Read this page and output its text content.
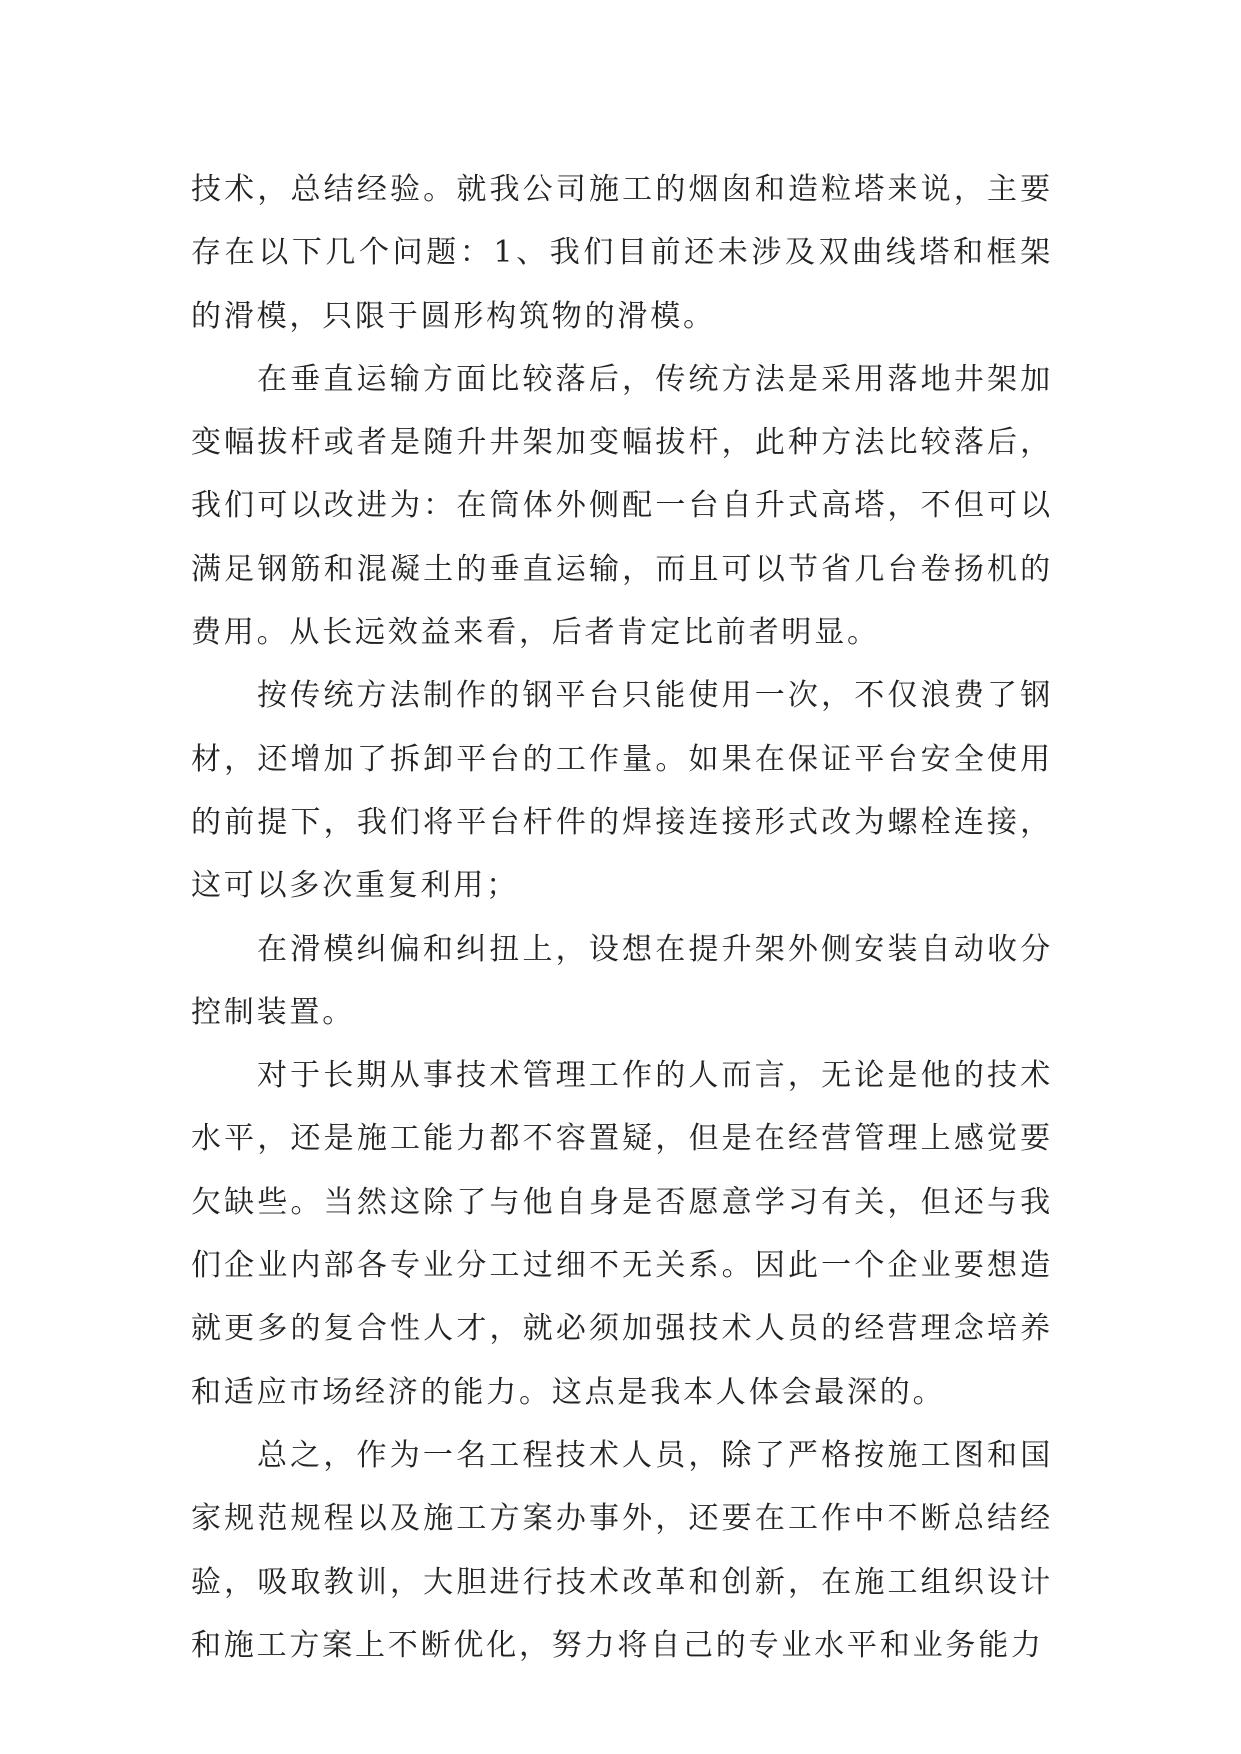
技术，总结经验。就我公司施工的烟囱和造粒塔来说，主要存在以下几个问题：1、我们目前还未涉及双曲线塔和框架的滑模，只限于圆形构筑物的滑模。

在垂直运输方面比较落后，传统方法是采用落地井架加变幅拔杆或者是随升井架加变幅拔杆，此种方法比较落后，我们可以改进为：在筒体外侧配一台自升式高塔，不但可以满足钢筋和混凝土的垂直运输，而且可以节省几台卷扬机的费用。从长远效益来看，后者肯定比前者明显。

按传统方法制作的钢平台只能使用一次，不仅浪费了钢材，还增加了拆卸平台的工作量。如果在保证平台安全使用的前提下，我们将平台杆件的焊接连接形式改为螺栓连接，这可以多次重复利用；

在滑模纠偏和纠扭上，设想在提升架外侧安装自动收分控制装置。

对于长期从事技术管理工作的人而言，无论是他的技术水平，还是施工能力都不容置疑，但是在经营管理上感觉要欠缺些。当然这除了与他自身是否愿意学习有关，但还与我们企业内部各专业分工过细不无关系。因此一个企业要想造就更多的复合性人才，就必须加强技术人员的经营理念培养和适应市场经济的能力。这点是我本人体会最深的。

总之，作为一名工程技术人员，除了严格按施工图和国家规范规程以及施工方案办事外，还要在工作中不断总结经验，吸取教训，大胆进行技术改革和创新，在施工组织设计和施工方案上不断优化，努力将自己的专业水平和业务能力
